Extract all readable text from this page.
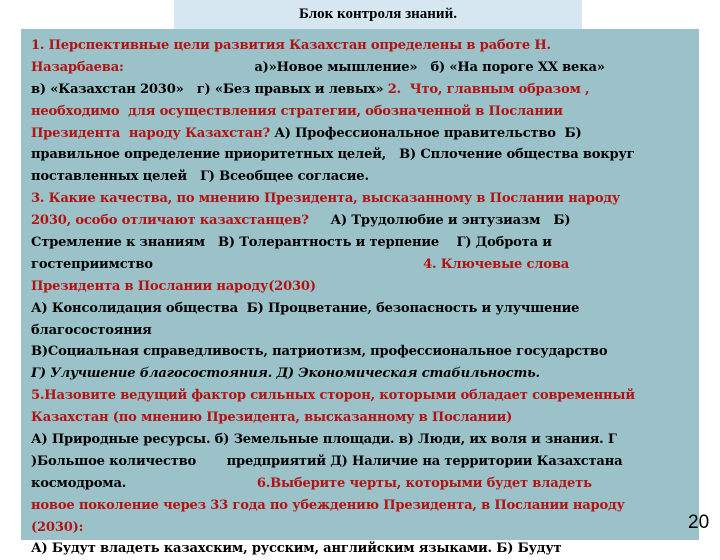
Блок контроля знаний.
1. Перспективные цели развития Казахстан определены в работе Н.
Назарбаева:                              а)»Новое мышление»   б) «На пороге ХХ века»
в) «Казахстан 2030»   г) «Без правых и левых» 2.  Что, главным образом ,
необходимо  для осуществления стратегии, обозначенной в Послании
Президента  народу Казахстан? А) Профессиональное правительство  Б)
правильное определение приоритетных целей,   В) Сплочение общества вокруг
поставленных целей   Г) Всеобщее согласие.
3. Какие качества, по мнению Президента, высказанному в Послании народу
2030, особо отличают казахстанцев?     А) Трудолюбие и энтузиазм   Б)
Стремление к знаниям   В) Толерантность и терпение    Г) Доброта и
гостеприимство                                                              4. Ключевые слова
Президента в Послании народу(2030)
А) Консолидация общества  Б) Процветание, безопасность и улучшение
благосостояния
В)Социальная справедливость, патриотизм, профессиональное государство
Г) Улучшение благосостояния. Д) Экономическая стабильность.
5.Назовите ведущий фактор сильных сторон, которыми обладает современный
Казахстан (по мнению Президента, высказанному в Послании)
А) Природные ресурсы. б) Земельные площади. в) Люди, их воля и знания. Г
)Большое количество       предприятий Д) Наличие на территории Казахстана
космодрома.                              6.Выберите черты, которыми будет владеть
новое поколение через 33 года по убеждению Президента, в Послании народу
(2030):
А) Будут владеть казахским, русским, английским языками. Б) Будут
20
